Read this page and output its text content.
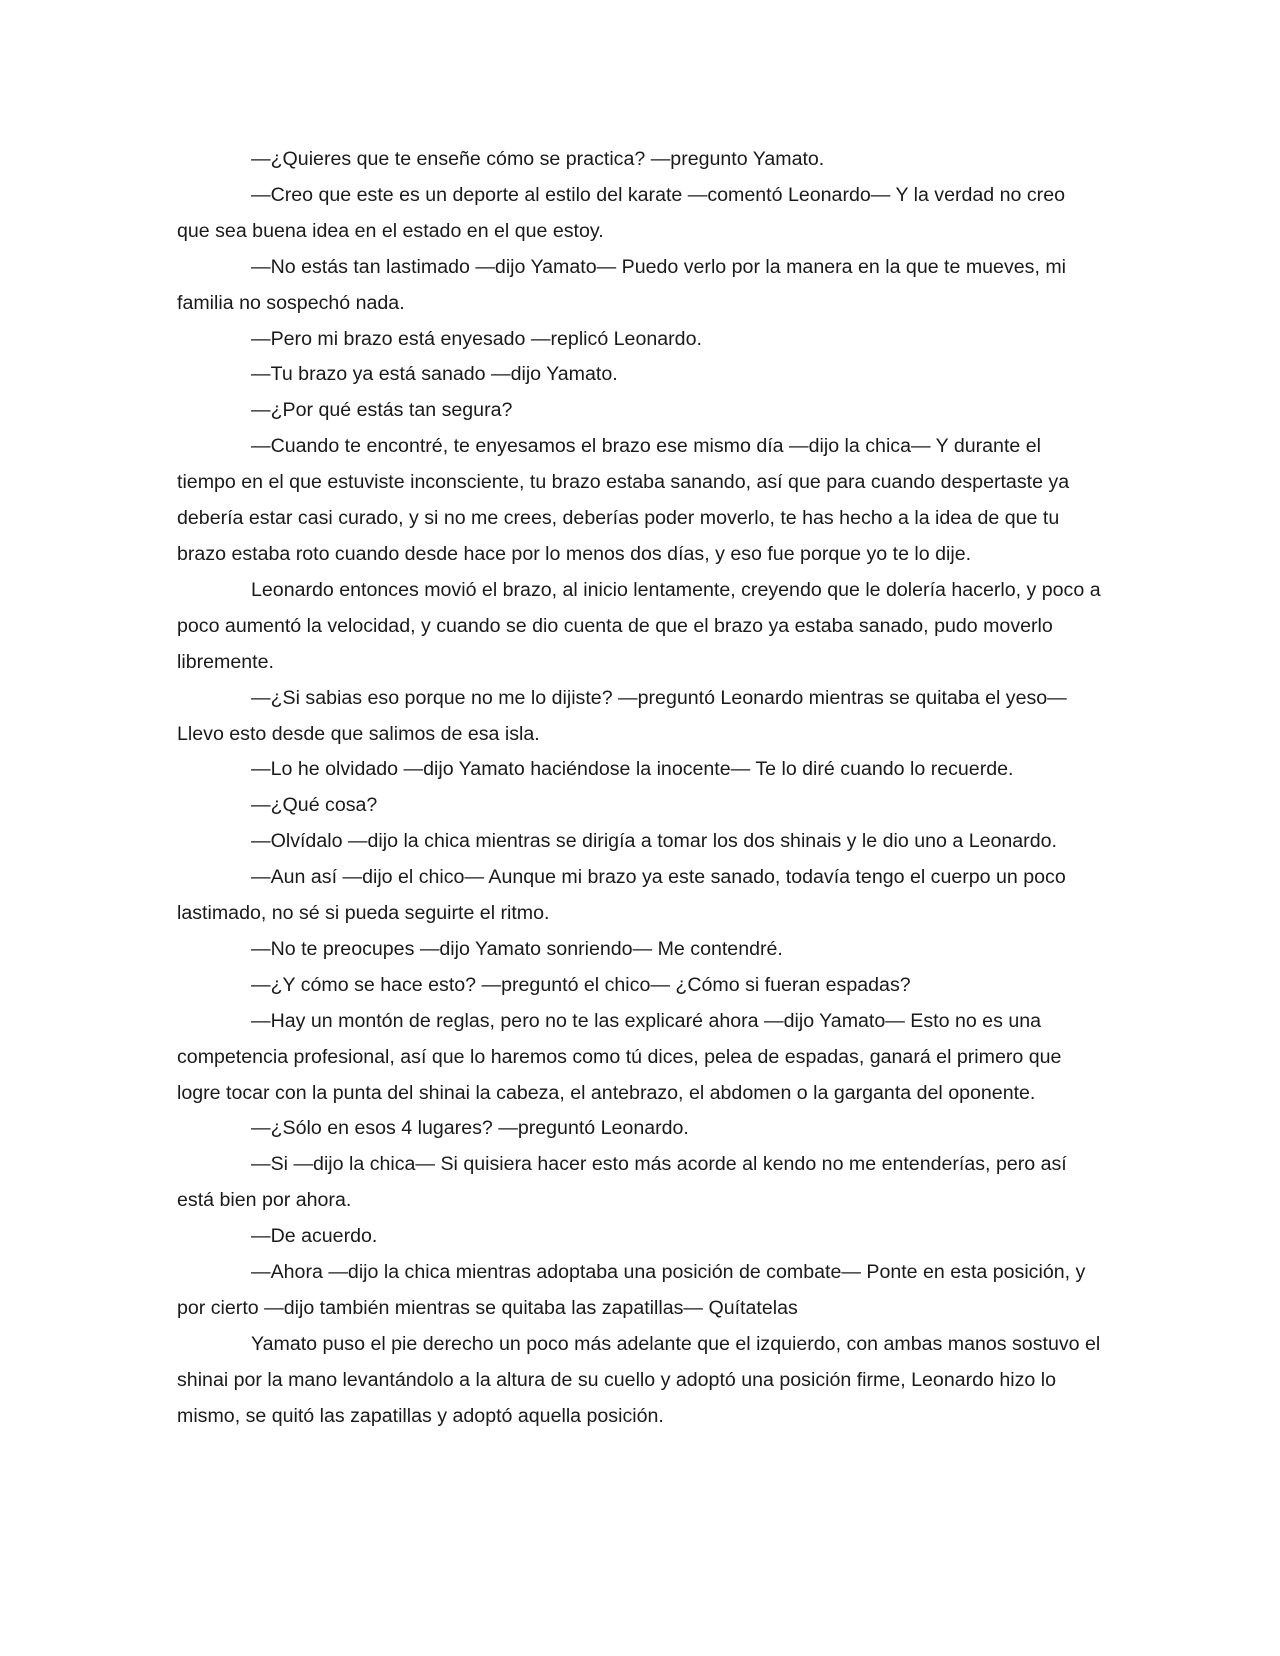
—¿Quieres que te enseñe cómo se practica? —pregunto Yamato.

—Creo que este es un deporte al estilo del karate —comentó Leonardo— Y la verdad no creo que sea buena idea en el estado en el que estoy.

—No estás tan lastimado —dijo Yamato— Puedo verlo por la manera en la que te mueves, mi familia no sospechó nada.

—Pero mi brazo está enyesado —replicó Leonardo.

—Tu brazo ya está sanado —dijo Yamato.

—¿Por qué estás tan segura?

—Cuando te encontré, te enyesamos el brazo ese mismo día —dijo la chica— Y durante el tiempo en el que estuviste inconsciente, tu brazo estaba sanando, así que para cuando despertaste ya debería estar casi curado, y si no me crees, deberías poder moverlo, te has hecho a la idea de que tu brazo estaba roto cuando desde hace por lo menos dos días, y eso fue porque yo te lo dije.

Leonardo entonces movió el brazo, al inicio lentamente, creyendo que le dolería hacerlo, y poco a poco aumentó la velocidad, y cuando se dio cuenta de que el brazo ya estaba sanado, pudo moverlo libremente.

—¿Si sabias eso porque no me lo dijiste? —preguntó Leonardo mientras se quitaba el yeso— Llevo esto desde que salimos de esa isla.

—Lo he olvidado —dijo Yamato haciéndose la inocente— Te lo diré cuando lo recuerde.

—¿Qué cosa?

—Olvídalo —dijo la chica mientras se dirigía a tomar los dos shinais y le dio uno a Leonardo.

—Aun así —dijo el chico— Aunque mi brazo ya este sanado, todavía tengo el cuerpo un poco lastimado, no sé si pueda seguirte el ritmo.

—No te preocupes —dijo Yamato sonriendo— Me contendré.

—¿Y cómo se hace esto? —preguntó el chico— ¿Cómo si fueran espadas?

—Hay un montón de reglas, pero no te las explicaré ahora —dijo Yamato— Esto no es una competencia profesional, así que lo haremos como tú dices, pelea de espadas, ganará el primero que logre tocar con la punta del shinai la cabeza, el antebrazo, el abdomen o la garganta del oponente.

—¿Sólo en esos 4 lugares? —preguntó Leonardo.

—Si —dijo la chica— Si quisiera hacer esto más acorde al kendo no me entenderías, pero así está bien por ahora.

—De acuerdo.

—Ahora —dijo la chica mientras adoptaba una posición de combate— Ponte en esta posición, y por cierto —dijo también mientras se quitaba las zapatillas— Quítatelas

Yamato puso el pie derecho un poco más adelante que el izquierdo, con ambas manos sostuvo el shinai por la mano levantándolo a la altura de su cuello y adoptó una posición firme, Leonardo hizo lo mismo, se quitó las zapatillas y adoptó aquella posición.
